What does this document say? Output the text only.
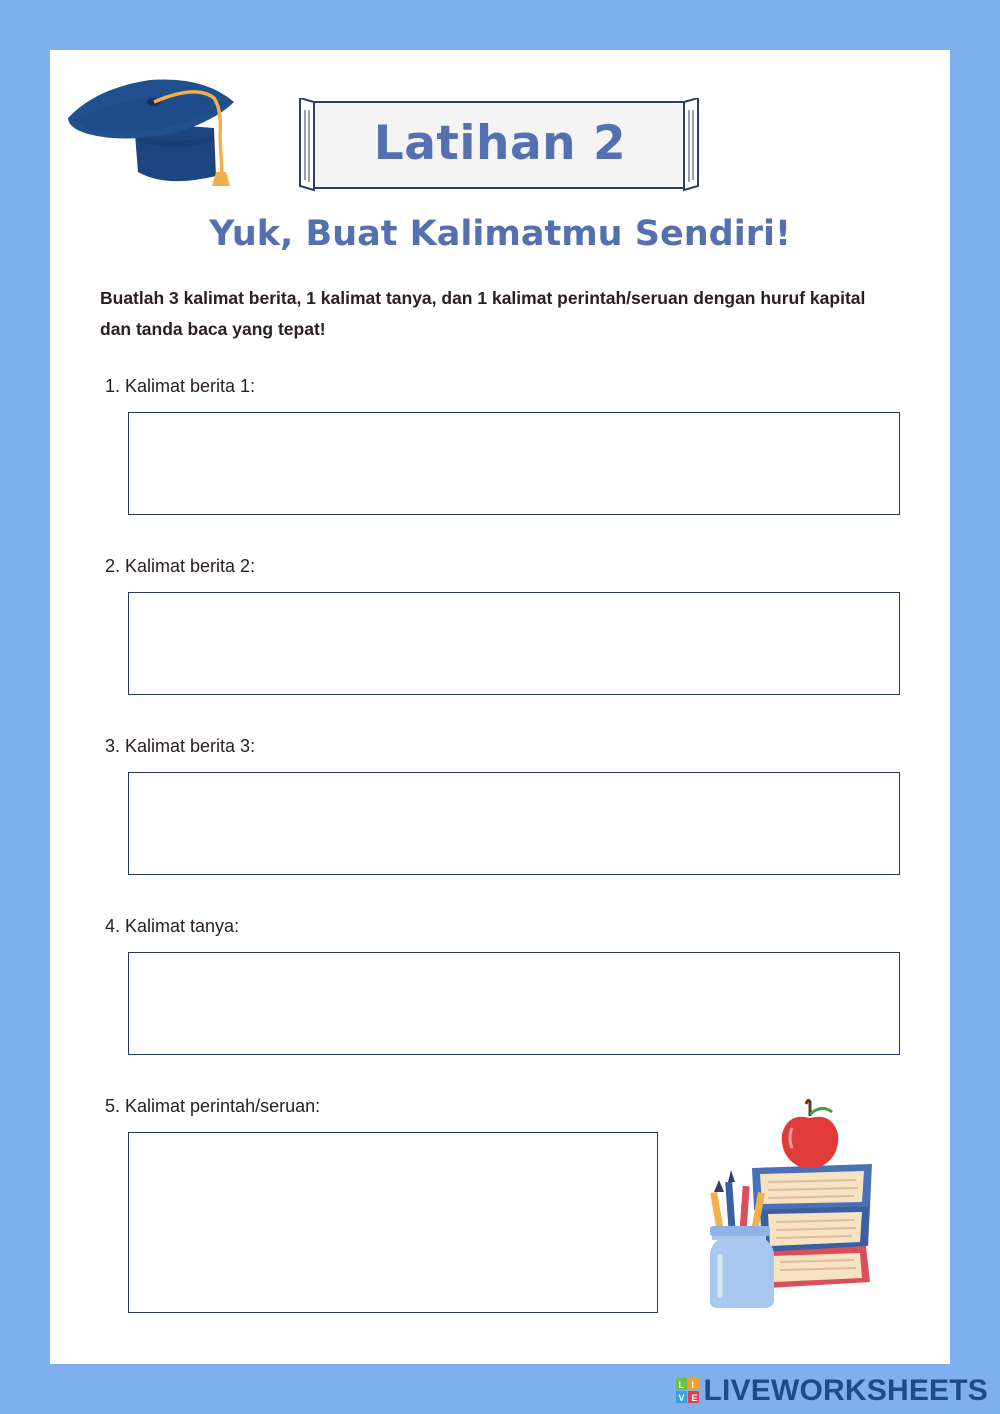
Latihan 2
Yuk, Buat Kalimatmu Sendiri!
Buatlah 3 kalimat berita, 1 kalimat tanya, dan 1 kalimat perintah/seruan dengan huruf kapital dan tanda baca yang tepat!
1. Kalimat berita 1:
2. Kalimat berita 2:
3. Kalimat berita 3:
4. Kalimat tanya:
5. Kalimat perintah/seruan:
L I
V E LIVEWORKSHEETS
